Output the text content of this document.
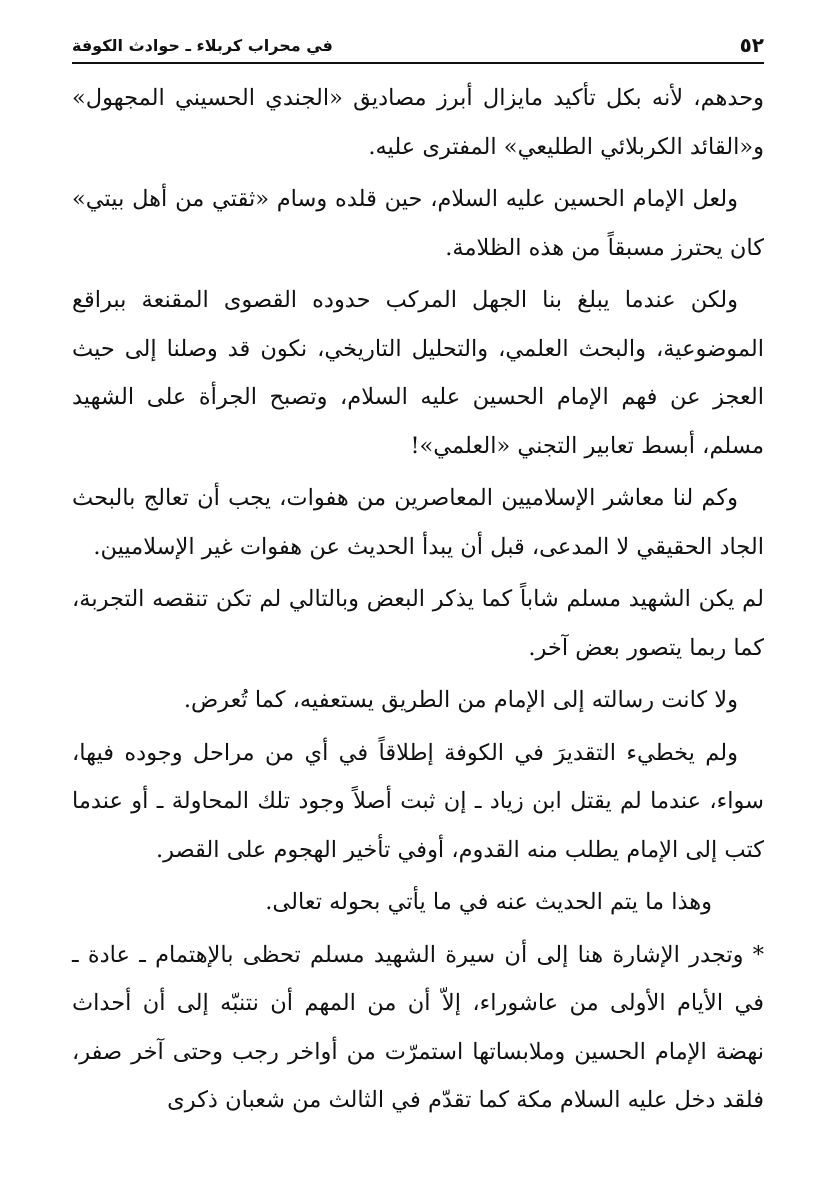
٥٢
في محراب كربلاء ـ حوادث الكوفة

وحدهم، لأنه بكل تأكيد مايزال أبرز مصاديق «الجندي الحسيني المجهول» و«القائد الكربلائي الطليعي» المفترى عليه.

ولعل الإمام الحسين عليه السلام، حين قلده وسام «ثقتي من أهل بيتي» كان يحترز مسبقاً من هذه الظلامة.

ولكن عندما يبلغ بنا الجهل المركب حدوده القصوى المقنعة ببراقع الموضوعية، والبحث العلمي، والتحليل التاريخي، نكون قد وصلنا إلى حيث العجز عن فهم الإمام الحسين عليه السلام، وتصبح الجرأة على الشهيد مسلم، أبسط تعابير التجني «العلمي»!

وكم لنا معاشر الإسلاميين المعاصرين من هفوات، يجب أن تعالج بالبحث الجاد الحقيقي لا المدعى، قبل أن يبدأ الحديث عن هفوات غير الإسلاميين.

لم يكن الشهيد مسلم شاباً كما يذكر البعض وبالتالي لم تكن تنقصه التجربة، كما ربما يتصور بعض آخر.

ولا كانت رسالته إلى الإمام من الطريق يستعفيه، كما تُعرض.

ولم يخطيء التقديرَ في الكوفة إطلاقاً في أي من مراحل وجوده فيها، سواء، عندما لم يقتل ابن زياد ـ إن ثبت أصلاً وجود تلك المحاولة ـ أو عندما كتب إلى الإمام يطلب منه القدوم، أوفي تأخير الهجوم على القصر.

وهذا ما يتم الحديث عنه في ما يأتي بحوله تعالى.

* وتجدر الإشارة هنا إلى أن سيرة الشهيد مسلم تحظى بالإهتمام ـ عادة ـ في الأيام الأولى من عاشوراء، إلاّ أن من المهم أن نتنبّه إلى أن أحداث نهضة الإمام الحسين وملابساتها استمرّت من أواخر رجب وحتى آخر صفر، فلقد دخل عليه السلام مكة كما تقدّم في الثالث من شعبان ذكرى
